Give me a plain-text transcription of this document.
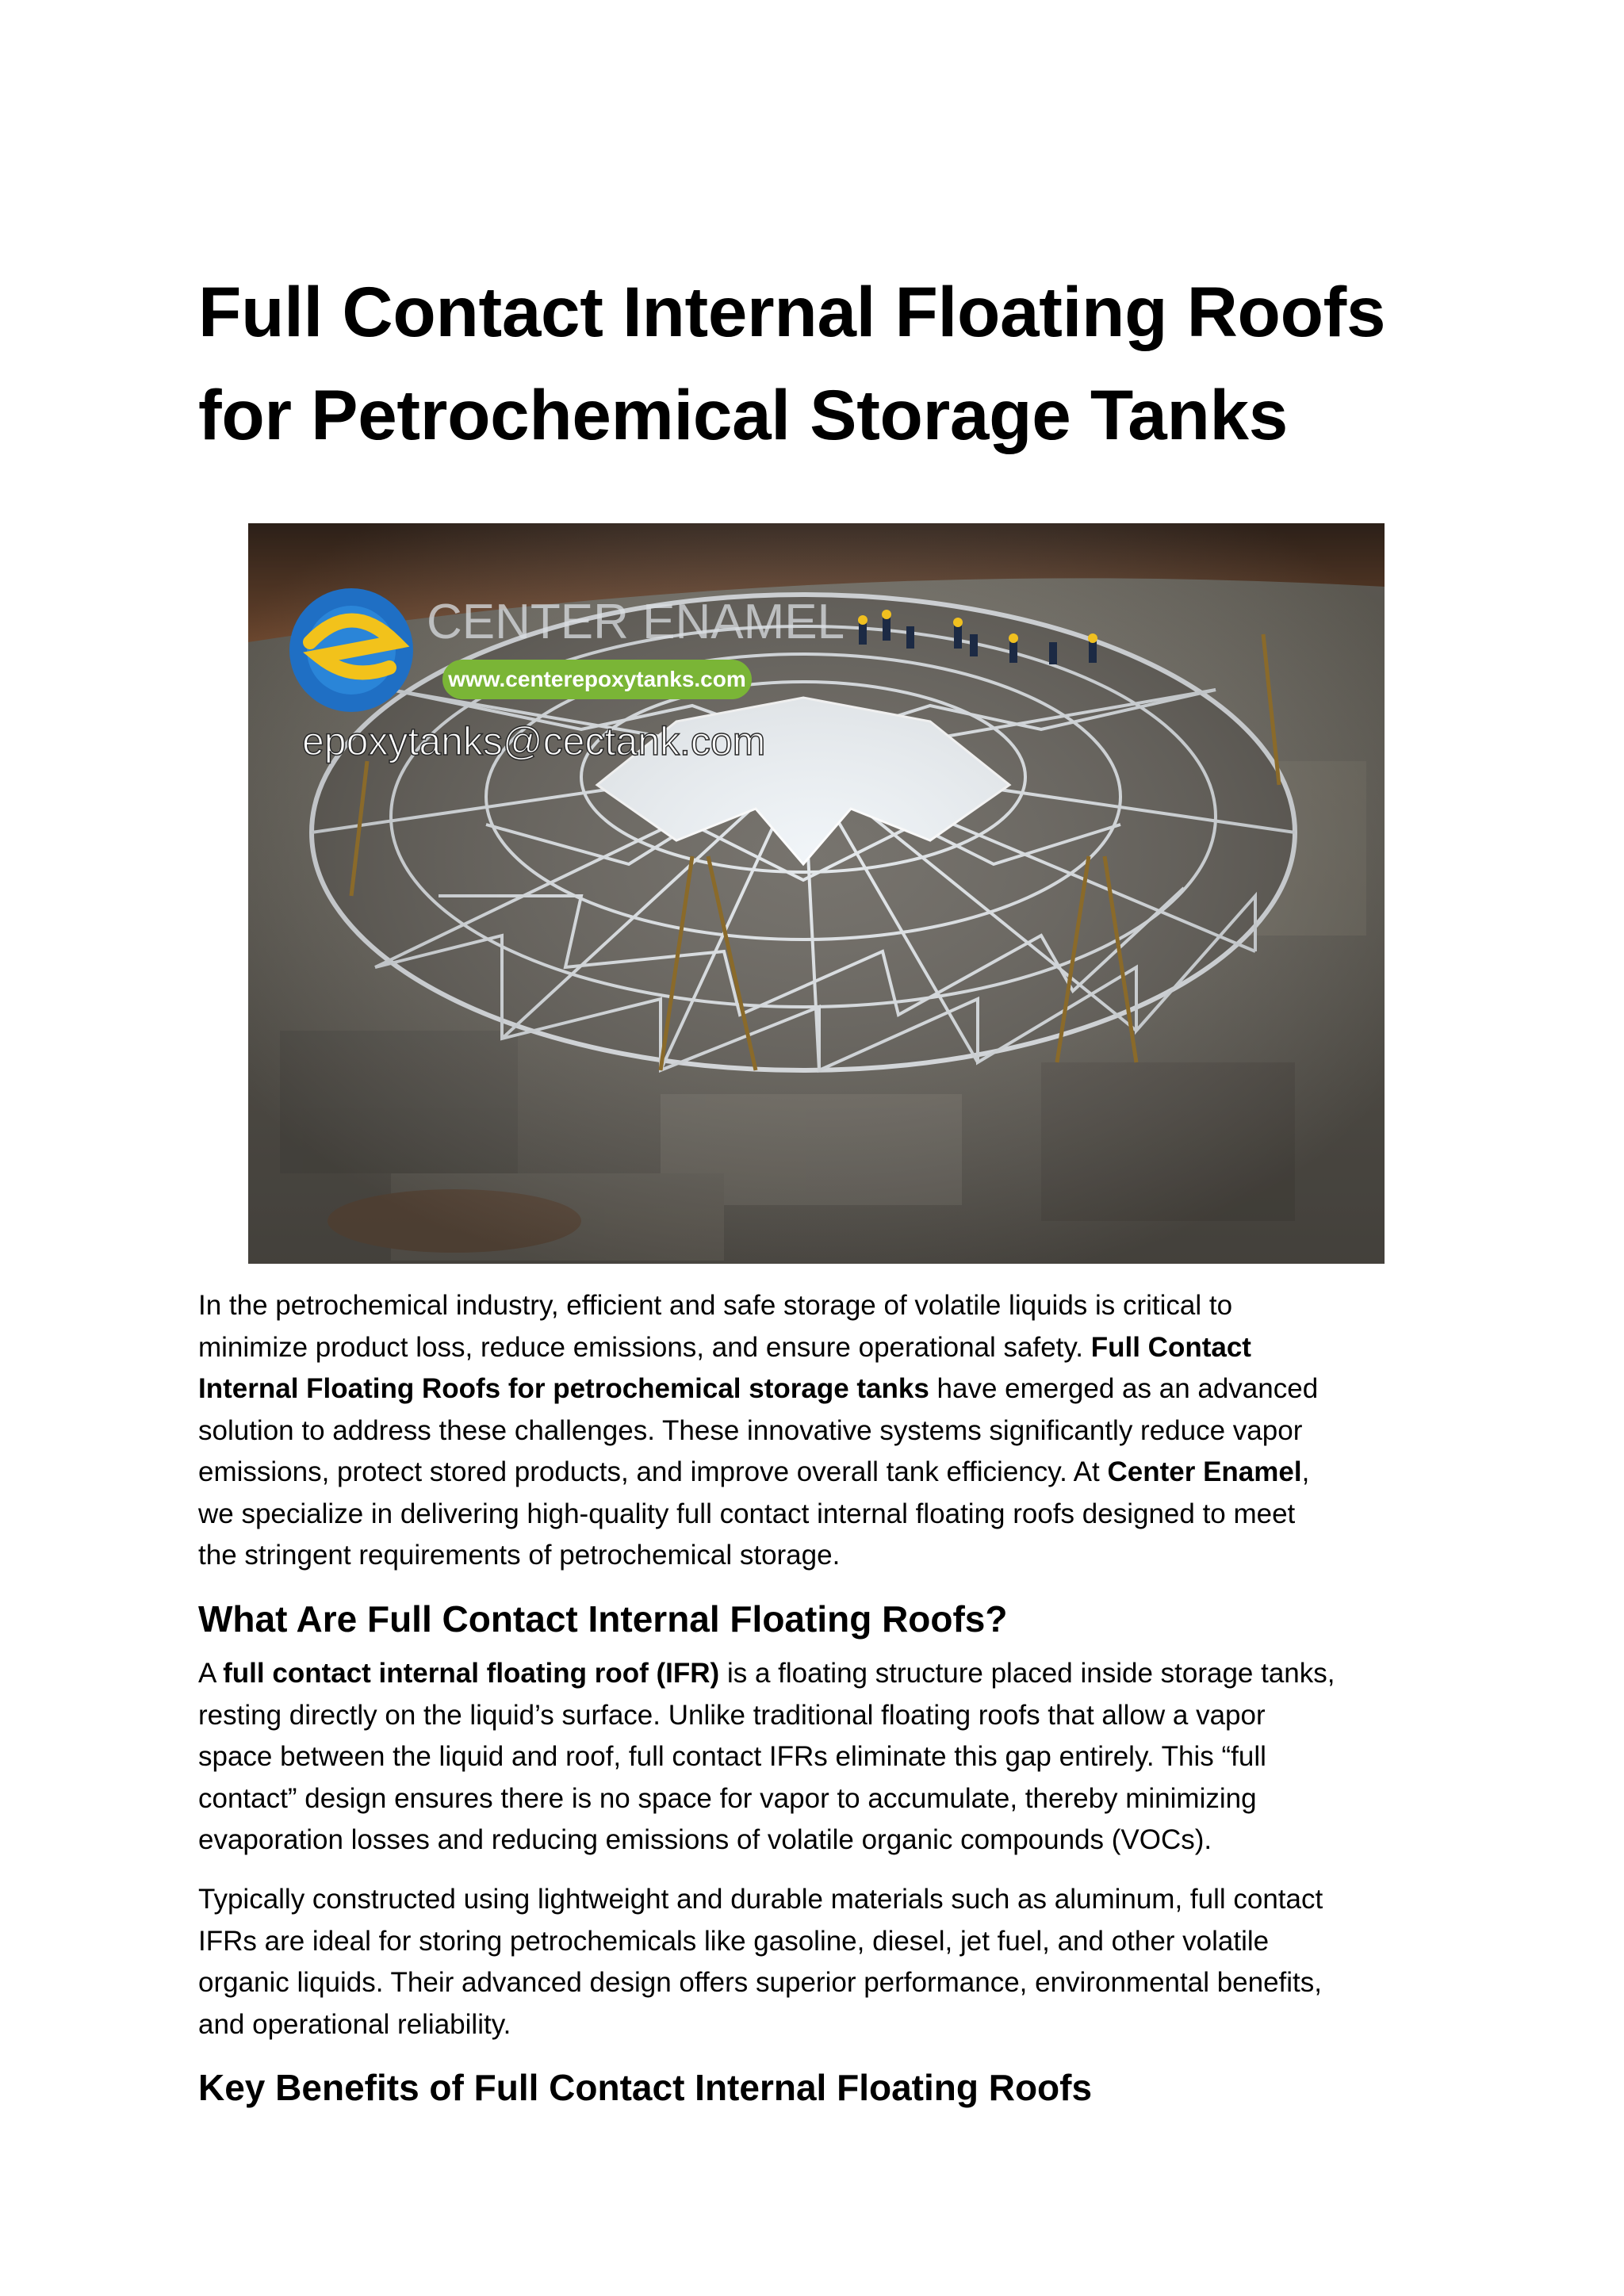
Full Contact Internal Floating Roofs
for Petrochemical Storage Tanks
CENTER ENAMEL
www.centerepoxytanks.com
epoxytanks@cectank.com
In the petrochemical industry, efficient and safe storage of volatile liquids is critical to
minimize product loss, reduce emissions, and ensure operational safety. Full Contact
Internal Floating Roofs for petrochemical storage tanks have emerged as an advanced
solution to address these challenges. These innovative systems significantly reduce vapor
emissions, protect stored products, and improve overall tank efficiency. At Center Enamel,
we specialize in delivering high-quality full contact internal floating roofs designed to meet
the stringent requirements of petrochemical storage.
What Are Full Contact Internal Floating Roofs?
A full contact internal floating roof (IFR) is a floating structure placed inside storage tanks,
resting directly on the liquid’s surface. Unlike traditional floating roofs that allow a vapor
space between the liquid and roof, full contact IFRs eliminate this gap entirely. This “full
contact” design ensures there is no space for vapor to accumulate, thereby minimizing
evaporation losses and reducing emissions of volatile organic compounds (VOCs).
Typically constructed using lightweight and durable materials such as aluminum, full contact
IFRs are ideal for storing petrochemicals like gasoline, diesel, jet fuel, and other volatile
organic liquids. Their advanced design offers superior performance, environmental benefits,
and operational reliability.
Key Benefits of Full Contact Internal Floating Roofs
